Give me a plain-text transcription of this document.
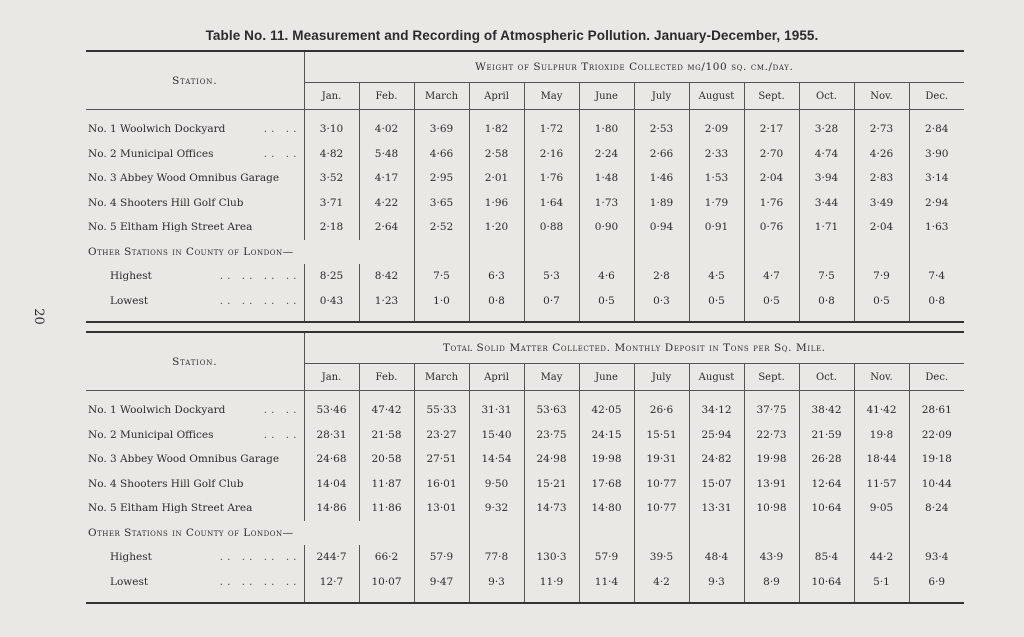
20
Table No. 11. Measurement and Recording of Atmospheric Pollution. January-December, 1955.

Station.	Weight of Sulphur Trioxide Collected mg/100 sq. cm./day.											
	Jan.	Feb.	March	April	May	June	July	August	Sept.	Oct.	Nov.	Dec.

No. 1 Woolwich Dockyard .. ..	3·10	4·02	3·69	1·82	1·72	1·80	2·53	2·09	2·17	3·28	2·73	2·84

No. 2 Municipal Offices .. ..	4·82	5·48	4·66	2·58	2·16	2·24	2·66	2·33	2·70	4·74	4·26	3·90

No. 3 Abbey Wood Omnibus Garage	3·52	4·17	2·95	2·01	1·76	1·48	1·46	1·53	2·04	3·94	2·83	3·14

No. 4 Shooters Hill Golf Club	3·71	4·22	3·65	1·96	1·64	1·73	1·89	1·79	1·76	3·44	3·49	2·94

No. 5 Eltham High Street Area	2·18	2·64	2·52	1·20	0·88	0·90	0·94	0·91	0·76	1·71	2·04	1·63
Other Stations in County of London—												

Highest .. .. .. ..	8·25	8·42	7·5	6·3	5·3	4·6	2·8	4·5	4·7	7·5	7·9	7·4

Lowest .. .. .. ..	0·43	1·23	1·0	0·8	0·7	0·5	0·3	0·5	0·5	0·8	0·5	0·8

Station.	Total Solid Matter Collected. Monthly Deposit in Tons per Sq. Mile.											
	Jan.	Feb.	March	April	May	June	July	August	Sept.	Oct.	Nov.	Dec.

No. 1 Woolwich Dockyard .. ..	53·46	47·42	55·33	31·31	53·63	42·05	26·6	34·12	37·75	38·42	41·42	28·61

No. 2 Municipal Offices .. ..	28·31	21·58	23·27	15·40	23·75	24·15	15·51	25·94	22·73	21·59	19·8	22·09

No. 3 Abbey Wood Omnibus Garage	24·68	20·58	27·51	14·54	24·98	19·98	19·31	24·82	19·98	26·28	18·44	19·18

No. 4 Shooters Hill Golf Club	14·04	11·87	16·01	9·50	15·21	17·68	10·77	15·07	13·91	12·64	11·57	10·44

No. 5 Eltham High Street Area	14·86	11·86	13·01	9·32	14·73	14·80	10·77	13·31	10·98	10·64	9·05	8·24
Other Stations in County of London—												

Highest .. .. .. ..	244·7	66·2	57·9	77·8	130·3	57·9	39·5	48·4	43·9	85·4	44·2	93·4

Lowest .. .. .. ..	12·7	10·07	9·47	9·3	11·9	11·4	4·2	9·3	8·9	10·64	5·1	6·9
